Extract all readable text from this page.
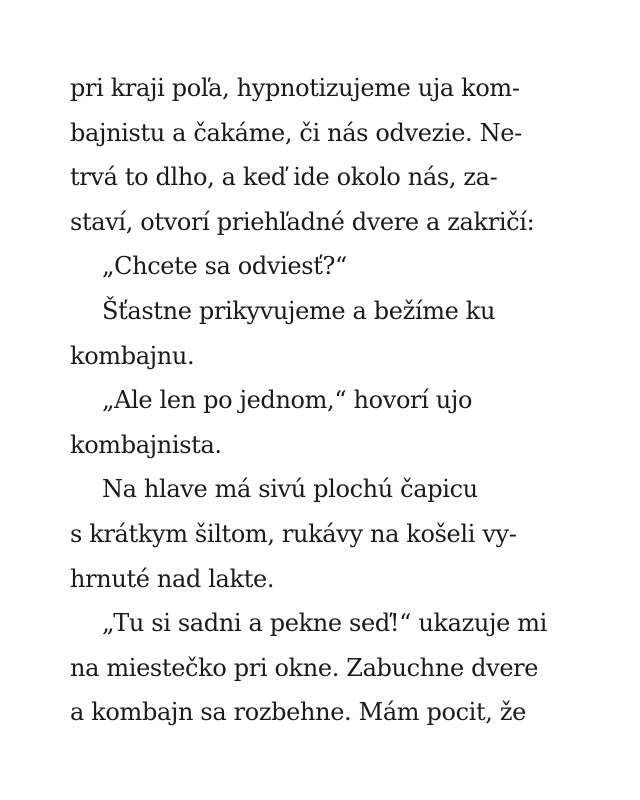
pri kraji poľa, hypnotizujeme uja kom-
bajnistu a čakáme, či nás odvezie. Ne-
trvá to dlho, a keď ide okolo nás, za-
staví, otvorí priehľadné dvere a zakričí:
„Chcete sa odviesť?“
Šťastne prikyvujeme a bežíme ku
kombajnu.
„Ale len po jednom,“ hovorí ujo
kombajnista.
Na hlave má sivú plochú čapicu
s krátkym šiltom, rukávy na košeli vy-
hrnuté nad lakte.
„Tu si sadni a pekne seď!“ ukazuje mi
na miestečko pri okne. Zabuchne dvere
a kombajn sa rozbehne. Mám pocit, že
